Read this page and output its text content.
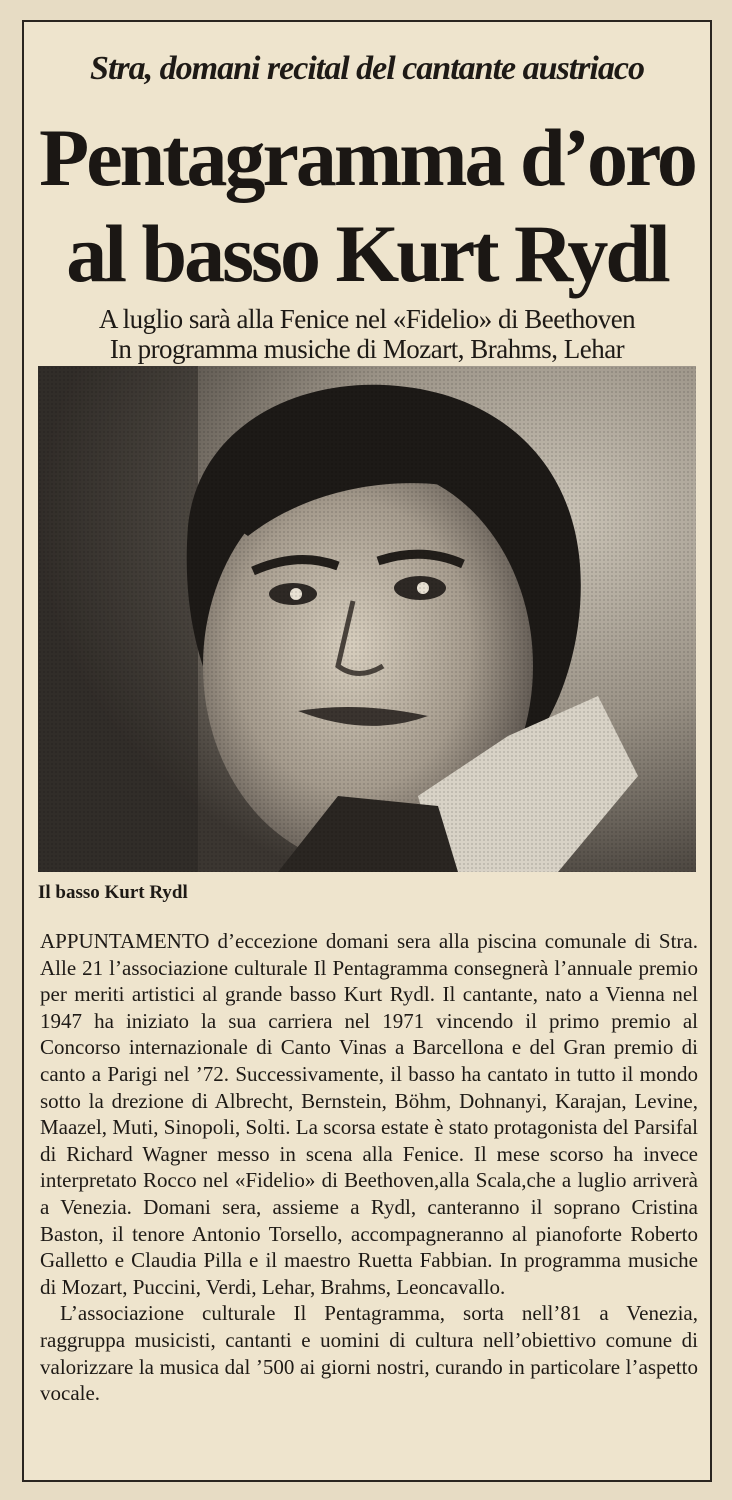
Stra, domani recital del cantante austriaco
Pentagramma d’oro
al basso Kurt Rydl
A luglio sarà alla Fenice nel «Fidelio» di Beethoven
In programma musiche di Mozart, Brahms, Lehar
Il basso Kurt Rydl

APPUNTAMENTO d’eccezione domani sera alla piscina comunale di Stra. Alle 21 l’associazione culturale Il Pentagramma consegnerà l’annuale premio per meriti artistici al grande basso Kurt Rydl. Il cantante, nato a Vienna nel 1947 ha iniziato la sua carriera nel 1971 vincendo il primo premio al Concorso internazionale di Canto Vinas a Barcellona e del Gran premio di canto a Parigi nel ’72. Successivamente, il basso ha cantato in tutto il mondo sotto la drezione di Albrecht, Bernstein, Böhm, Dohnanyi, Karajan, Levine, Maazel, Muti, Sinopoli, Solti. La scorsa estate è stato protagonista del Parsifal di Richard Wagner messo in scena alla Fenice. Il mese scorso ha invece interpretato Rocco nel «Fidelio» di Beethoven,alla Scala,che a luglio arriverà a Venezia. Domani sera, assieme a Rydl, canteranno il soprano Cristina Baston, il tenore Antonio Torsello, accompagneranno al pianoforte Roberto Galletto e Claudia Pilla e il maestro Ruetta Fabbian. In programma musiche di Mozart, Puccini, Verdi, Lehar, Brahms, Leoncavallo.

L’associazione culturale Il Pentagramma, sorta nell’81 a Venezia, raggruppa musicisti, cantanti e uomini di cultura nell’obiettivo comune di valorizzare la musica dal ’500 ai giorni nostri, curando in particolare l’aspetto vocale.
